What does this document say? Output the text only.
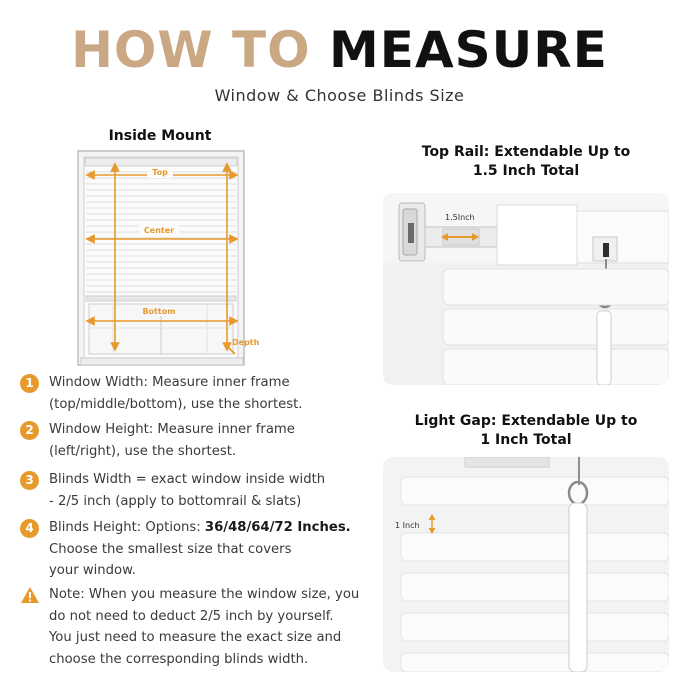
HOW TO MEASURE
Window & Choose Blinds Size
Inside Mount
Top
Center
Bottom
Depth
Top Rail: Extendable Up to
1.5 Inch Total
1.5Inch
Light Gap: Extendable Up to
1 Inch Total
1 Inch
1	Window Width: Measure inner frame
(top/middle/bottom), use the shortest.
2	Window Height: Measure inner frame
(left/right), use the shortest.
3	Blinds Width = exact window inside width
- 2/5 inch (apply to bottomrail & slats)
4	Blinds Height: Options: 36/48/64/72 Inches.
Choose the smallest size that covers
your window.
Note: When you measure the window size, you
do not need to deduct 2/5 inch by yourself.
You just need to measure the exact size and
choose the corresponding blinds width.
